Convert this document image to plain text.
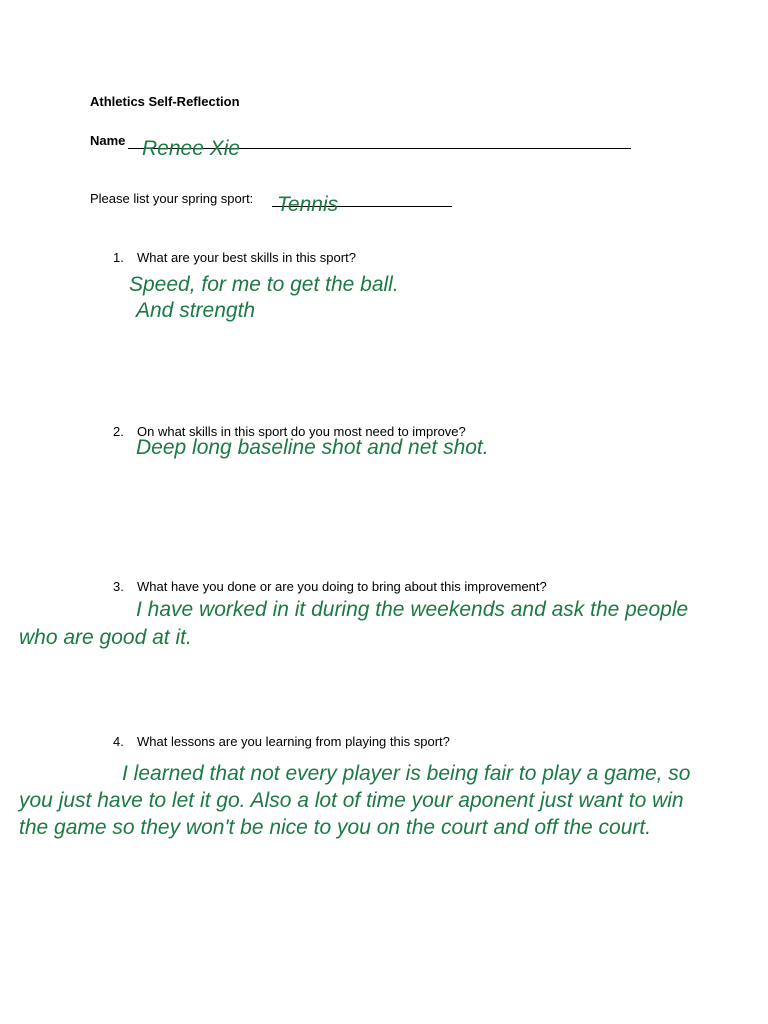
Athletics Self-Reflection
Name Renee Xie
Please list your spring sport: Tennis
1. What are your best skills in this sport?
Speed, for me to get the ball.
And strength
2. On what skills in this sport do you most need to improve?
Deep long baseline shot and net shot.
3. What have you done or are you doing to bring about this improvement?
I have worked in it during the weekends and ask the people
who are good at it.
4. What lessons are you learning from playing this sport?
I learned that not every player is being fair to play a game, so
you just have to let it go. Also a lot of time your aponent just want to win
the game so they won't be nice to you on the court and off the court.
